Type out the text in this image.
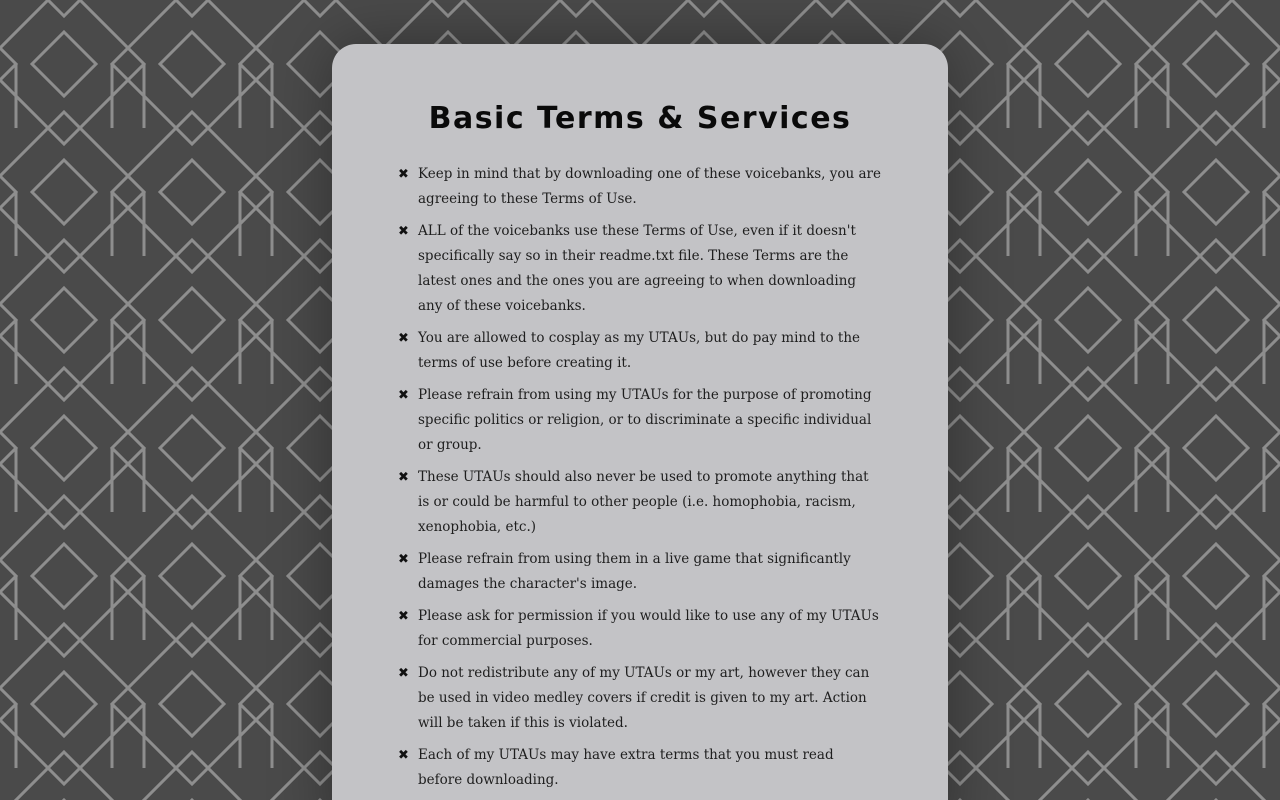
Basic Terms & Services
✖ Keep in mind that by downloading one of these voicebanks, you are agreeing to these Terms of Use.
✖ ALL of the voicebanks use these Terms of Use, even if it doesn't specifically say so in their readme.txt file. These Terms are the latest ones and the ones you are agreeing to when downloading any of these voicebanks.
✖ You are allowed to cosplay as my UTAUs, but do pay mind to the terms of use before creating it.
✖ Please refrain from using my UTAUs for the purpose of promoting specific politics or religion, or to discriminate a specific individual or group.
✖ These UTAUs should also never be used to promote anything that is or could be harmful to other people (i.e. homophobia, racism, xenophobia, etc.)
✖ Please refrain from using them in a live game that significantly damages the character's image.
✖ Please ask for permission if you would like to use any of my UTAUs for commercial purposes.
✖ Do not redistribute any of my UTAUs or my art, however they can be used in video medley covers if credit is given to my art. Action will be taken if this is violated.
✖ Each of my UTAUs may have extra terms that you must read before downloading.
